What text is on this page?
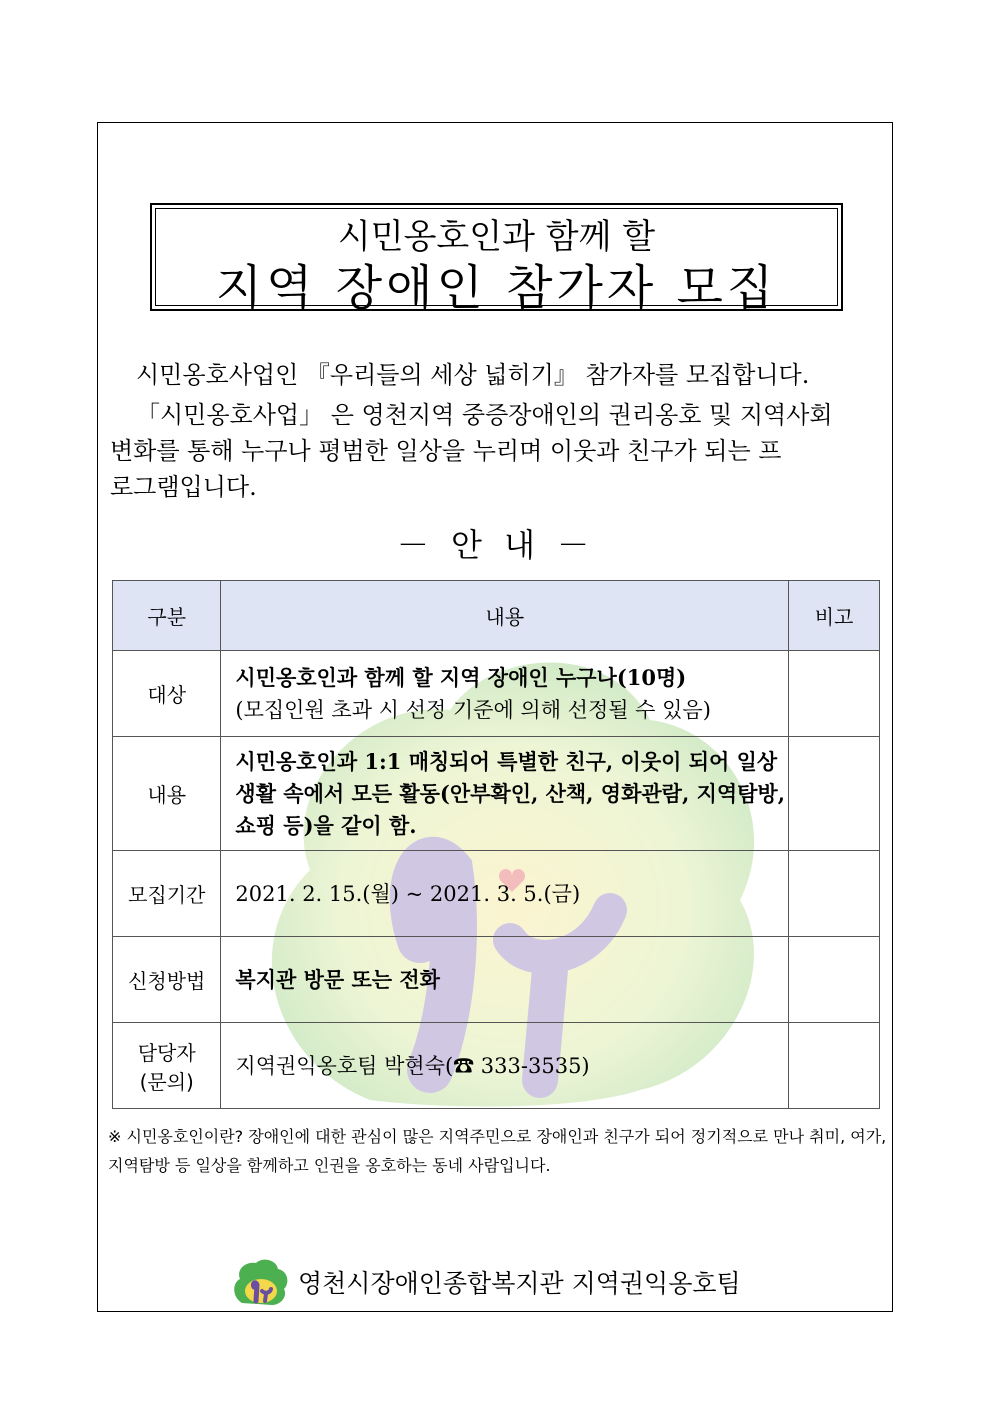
시민옹호인과 함께 할
지역 장애인 참가자 모집

시민옹호사업인 『우리들의 세상 넓히기』 참가자를 모집합니다.

「시민옹호사업」 은 영천지역 중증장애인의 권리옹호 및 지역사회

변화를 통해 누구나 평범한 일상을 누리며 이웃과 친구가 되는 프

로그램입니다.

－ 안 내 －
구분	내용	비고
대상	시민옹호인과 함께 할 지역 장애인 누구나(10명)
(모집인원 초과 시 선정 기준에 의해 선정될 수 있음)	

내용	시민옹호인과 1:1 매칭되어 특별한 친구, 이웃이 되어 일상생활 속에서 모든 활동(안부확인, 산책, 영화관람, 지역탐방, 쇼핑 등)을 같이 함.	
모집기간	2021. 2. 15.(월) ~ 2021. 3. 5.(금)	
신청방법	복지관 방문 또는 전화	

담당자
(문의)	지역권익옹호팀 박현숙(☎ 333-3535)	
※ 시민옹호인이란? 장애인에 대한 관심이 많은 지역주민으로 장애인과 친구가 되어 정기적으로 만나 취미, 여가, 지역탐방 등 일상을 함께하고 인권을 옹호하는 동네 사람입니다.
영천시장애인종합복지관 지역권익옹호팀
